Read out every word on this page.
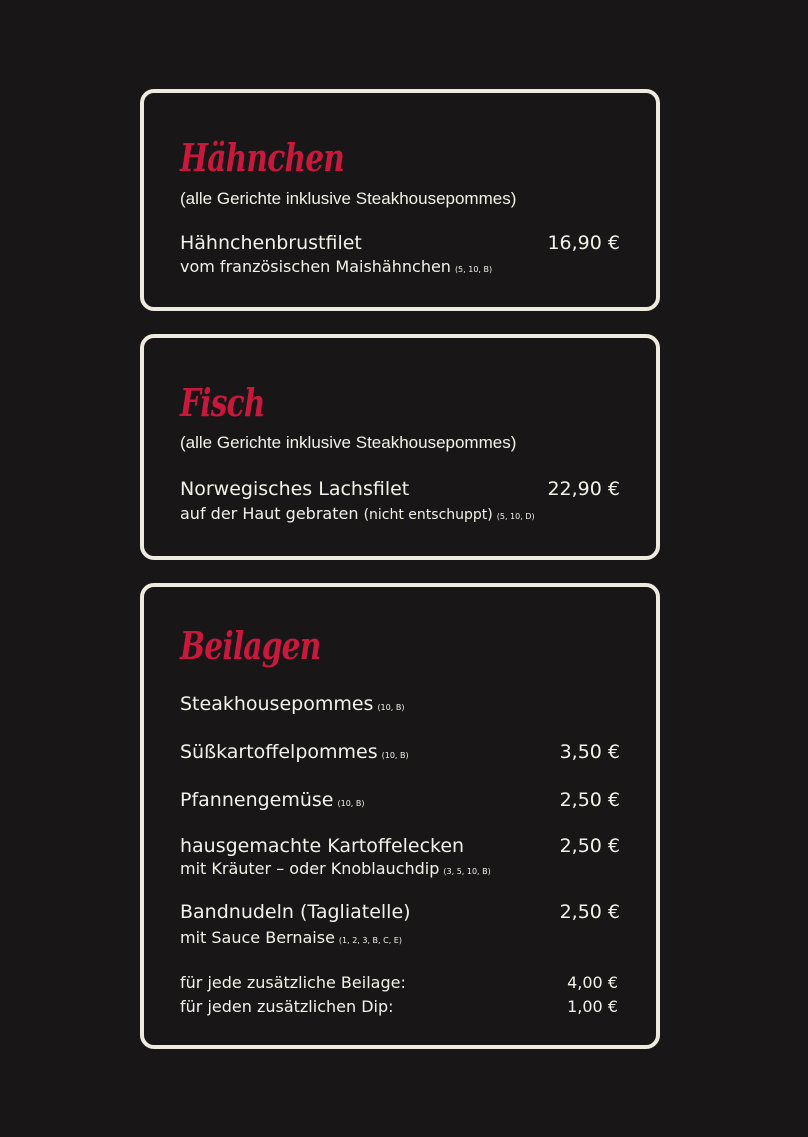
Hähnchen
(alle Gerichte inklusive Steakhousepommes)
Hähnchenbrustfilet	16,90 €
vom französischen Maishähnchen (5, 10, B)
Fisch
(alle Gerichte inklusive Steakhousepommes)
Norwegisches Lachsfilet	22,90 €
auf der Haut gebraten (nicht entschuppt) (5, 10, D)
Beilagen
Steakhousepommes (10, B)
Süßkartoffelpommes (10, B)	3,50 €
Pfannengemüse (10, B)	2,50 €
hausgemachte Kartoffelecken	2,50 €
mit Kräuter – oder Knoblauchdip (3, 5, 10, B)
Bandnudeln (Tagliatelle)	2,50 €
mit Sauce Bernaise (1, 2, 3, B, C, E)
für jede zusätzliche Beilage:	4,00 €
für jeden zusätzlichen Dip:	1,00 €
